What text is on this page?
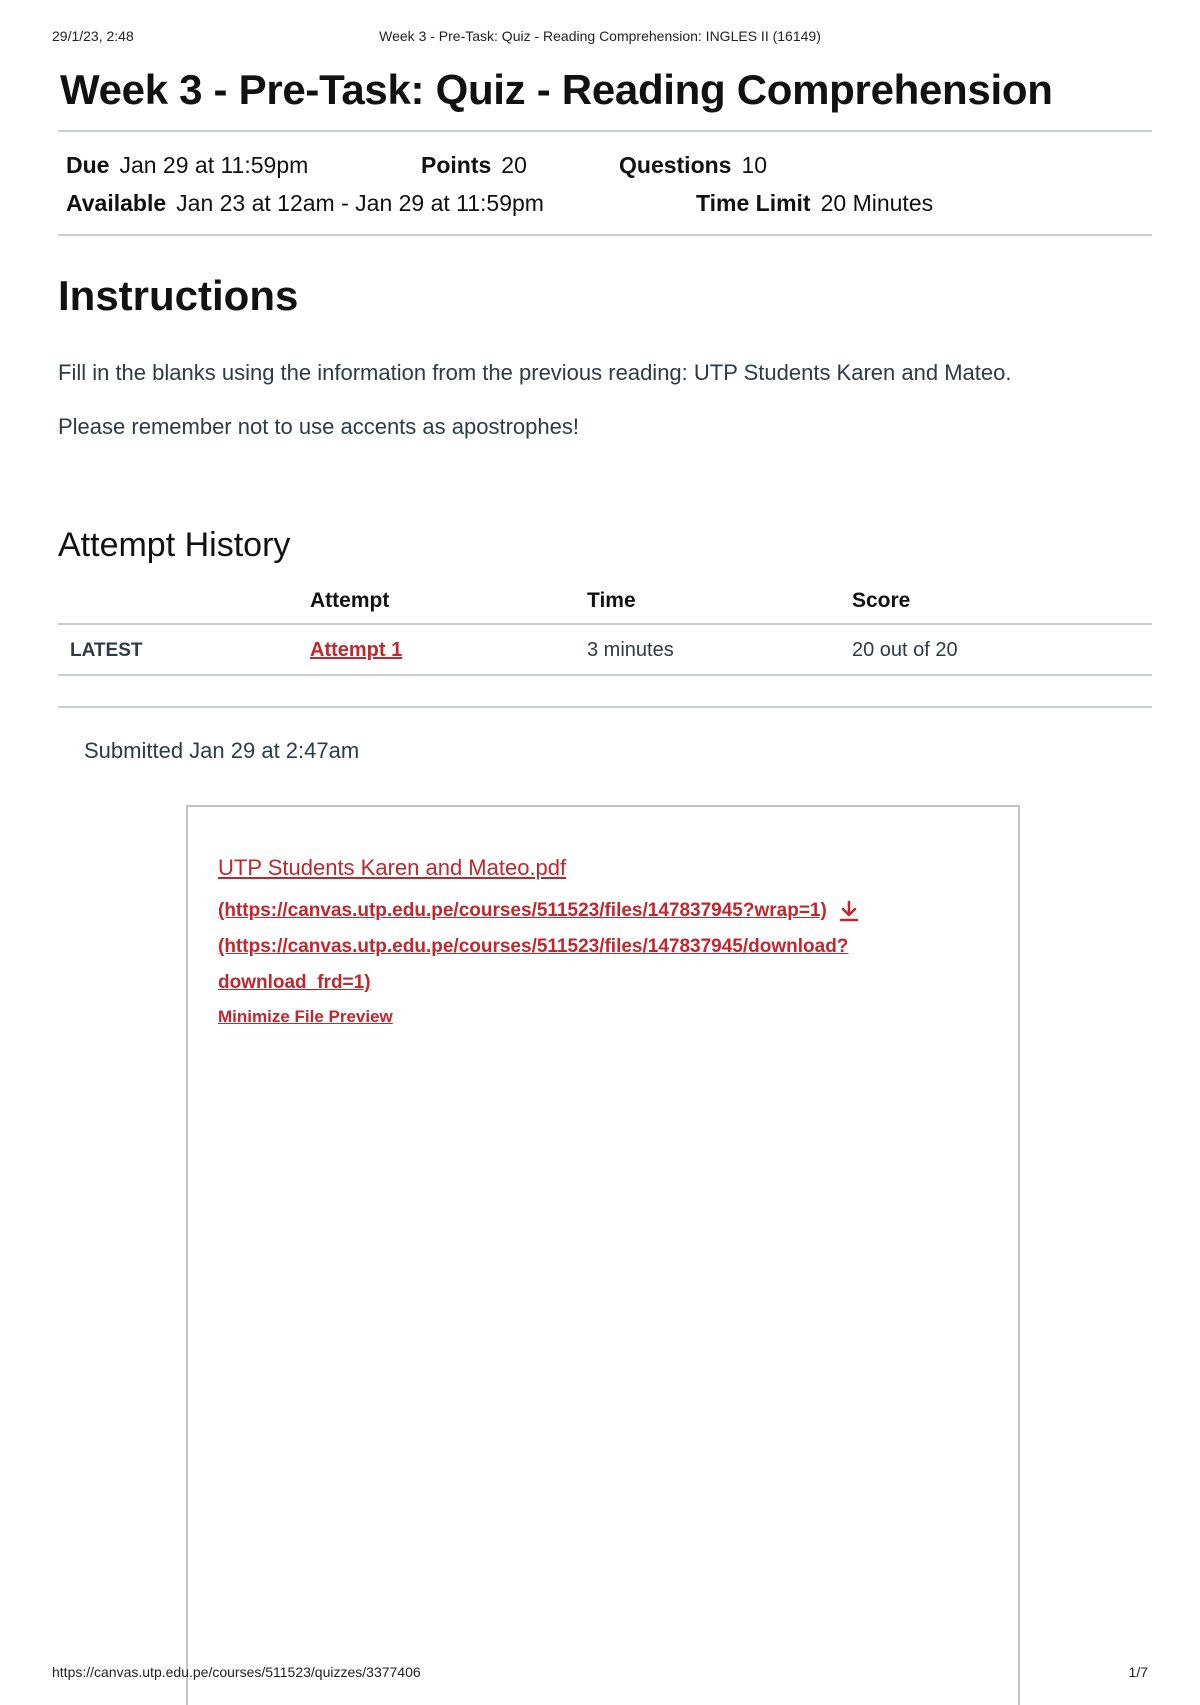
29/1/23, 2:48	Week 3 - Pre-Task: Quiz - Reading Comprehension: INGLES II (16149)
Week 3 - Pre-Task: Quiz - Reading Comprehension
Due Jan 29 at 11:59pm	Points 20	Questions 10
Available Jan 23 at 12am - Jan 29 at 11:59pm	Time Limit 20 Minutes
Instructions

Fill in the blanks using the information from the previous reading: UTP Students Karen and Mateo.

Please remember not to use accents as apostrophes!

Attempt History
	Attempt	Time	Score
LATEST	Attempt 1	3 minutes	20 out of 20
Submitted Jan 29 at 2:47am
UTP Students Karen and Mateo.pdf
(https://canvas.utp.edu.pe/courses/511523/files/147837945?wrap=1)
(https://canvas.utp.edu.pe/courses/511523/files/147837945/download?
download_frd=1)
Minimize File Preview
https://canvas.utp.edu.pe/courses/511523/quizzes/3377406	1/7
